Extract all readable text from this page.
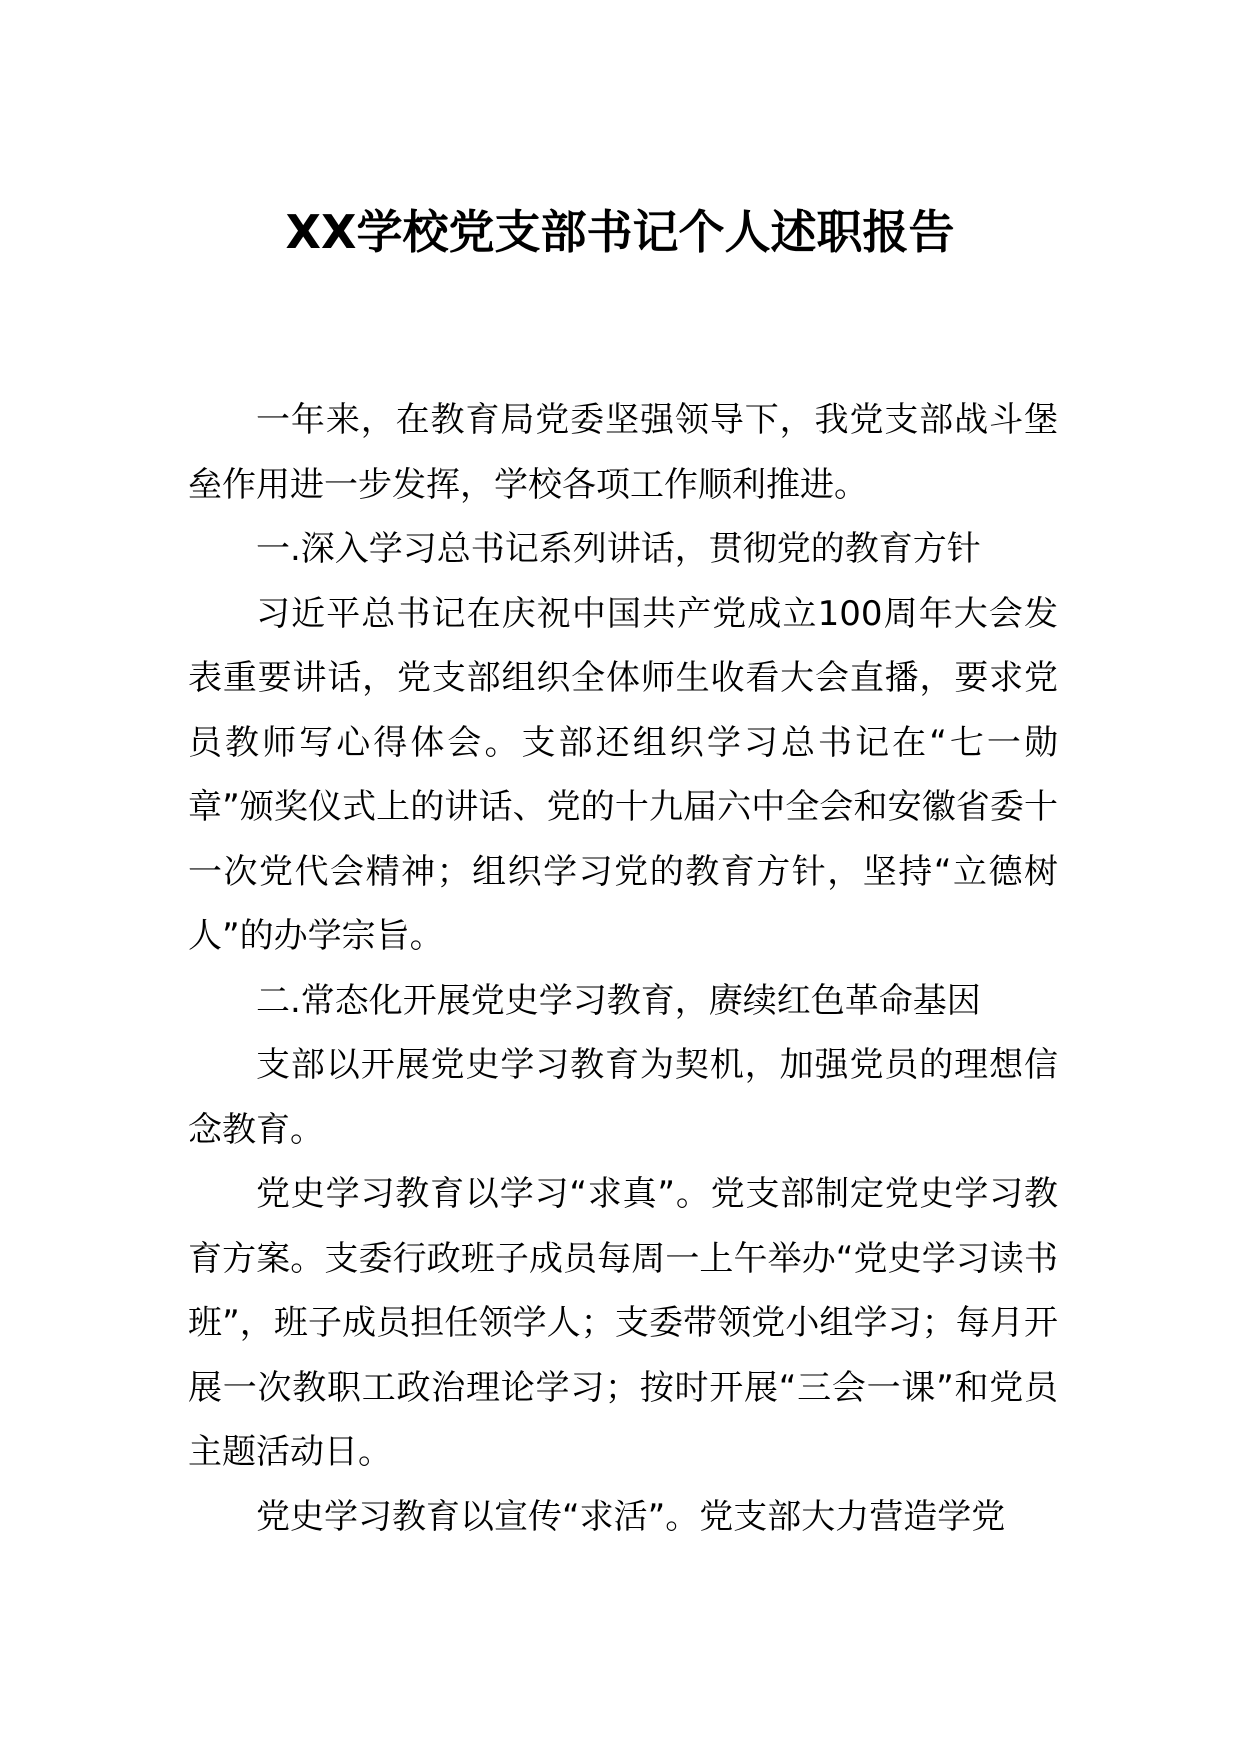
XX学校党支部书记个人述职报告

一年来，在教育局党委坚强领导下，我党支部战斗堡垒作用进一步发挥，学校各项工作顺利推进。

一.深入学习总书记系列讲话，贯彻党的教育方针

习近平总书记在庆祝中国共产党成立100周年大会发表重要讲话，党支部组织全体师生收看大会直播，要求党员教师写心得体会。支部还组织学习总书记在“七一勋章”颁奖仪式上的讲话、党的十九届六中全会和安徽省委十一次党代会精神；组织学习党的教育方针，坚持“立德树人”的办学宗旨。

二.常态化开展党史学习教育，赓续红色革命基因

支部以开展党史学习教育为契机，加强党员的理想信念教育。

党史学习教育以学习“求真”。党支部制定党史学习教育方案。支委行政班子成员每周一上午举办“党史学习读书班”，班子成员担任领学人；支委带领党小组学习；每月开展一次教职工政治理论学习；按时开展“三会一课”和党员主题活动日。

党史学习教育以宣传“求活”。党支部大力营造学党
